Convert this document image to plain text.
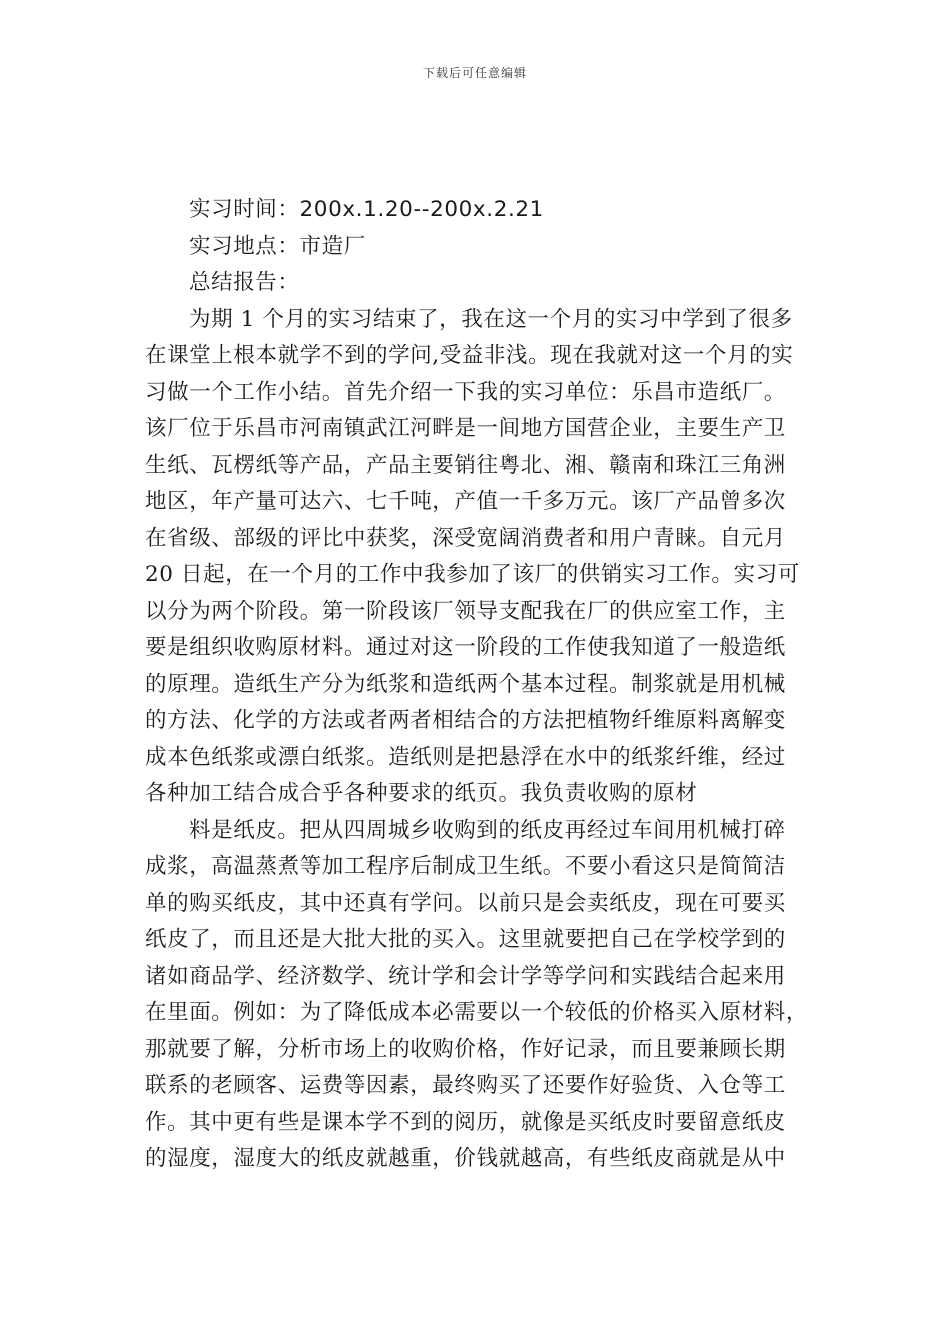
下载后可任意编辑
实习时间：200x.1.20--200x.2.21
实习地点：市造厂
总结报告：
为期 1 个月的实习结束了，我在这一个月的实习中学到了很多
在课堂上根本就学不到的学问,受益非浅。现在我就对这一个月的实
习做一个工作小结。首先介绍一下我的实习单位：乐昌市造纸厂。
该厂位于乐昌市河南镇武江河畔是一间地方国营企业，主要生产卫
生纸、瓦楞纸等产品，产品主要销往粤北、湘、赣南和珠江三角洲
地区，年产量可达六、七千吨，产值一千多万元。该厂产品曾多次
在省级、部级的评比中获奖，深受宽阔消费者和用户青睐。自元月
20 日起，在一个月的工作中我参加了该厂的供销实习工作。实习可
以分为两个阶段。第一阶段该厂领导支配我在厂的供应室工作，主
要是组织收购原材料。通过对这一阶段的工作使我知道了一般造纸
的原理。造纸生产分为纸浆和造纸两个基本过程。制浆就是用机械
的方法、化学的方法或者两者相结合的方法把植物纤维原料离解变
成本色纸浆或漂白纸浆。造纸则是把悬浮在水中的纸浆纤维，经过
各种加工结合成合乎各种要求的纸页。我负责收购的原材
料是纸皮。把从四周城乡收购到的纸皮再经过车间用机械打碎
成浆，高温蒸煮等加工程序后制成卫生纸。不要小看这只是简简洁
单的购买纸皮，其中还真有学问。以前只是会卖纸皮，现在可要买
纸皮了，而且还是大批大批的买入。这里就要把自己在学校学到的
诸如商品学、经济数学、统计学和会计学等学问和实践结合起来用
在里面。例如：为了降低成本必需要以一个较低的价格买入原材料，
那就要了解，分析市场上的收购价格，作好记录，而且要兼顾长期
联系的老顾客、运费等因素，最终购买了还要作好验货、入仓等工
作。其中更有些是课本学不到的阅历，就像是买纸皮时要留意纸皮
的湿度，湿度大的纸皮就越重，价钱就越高，有些纸皮商就是从中
